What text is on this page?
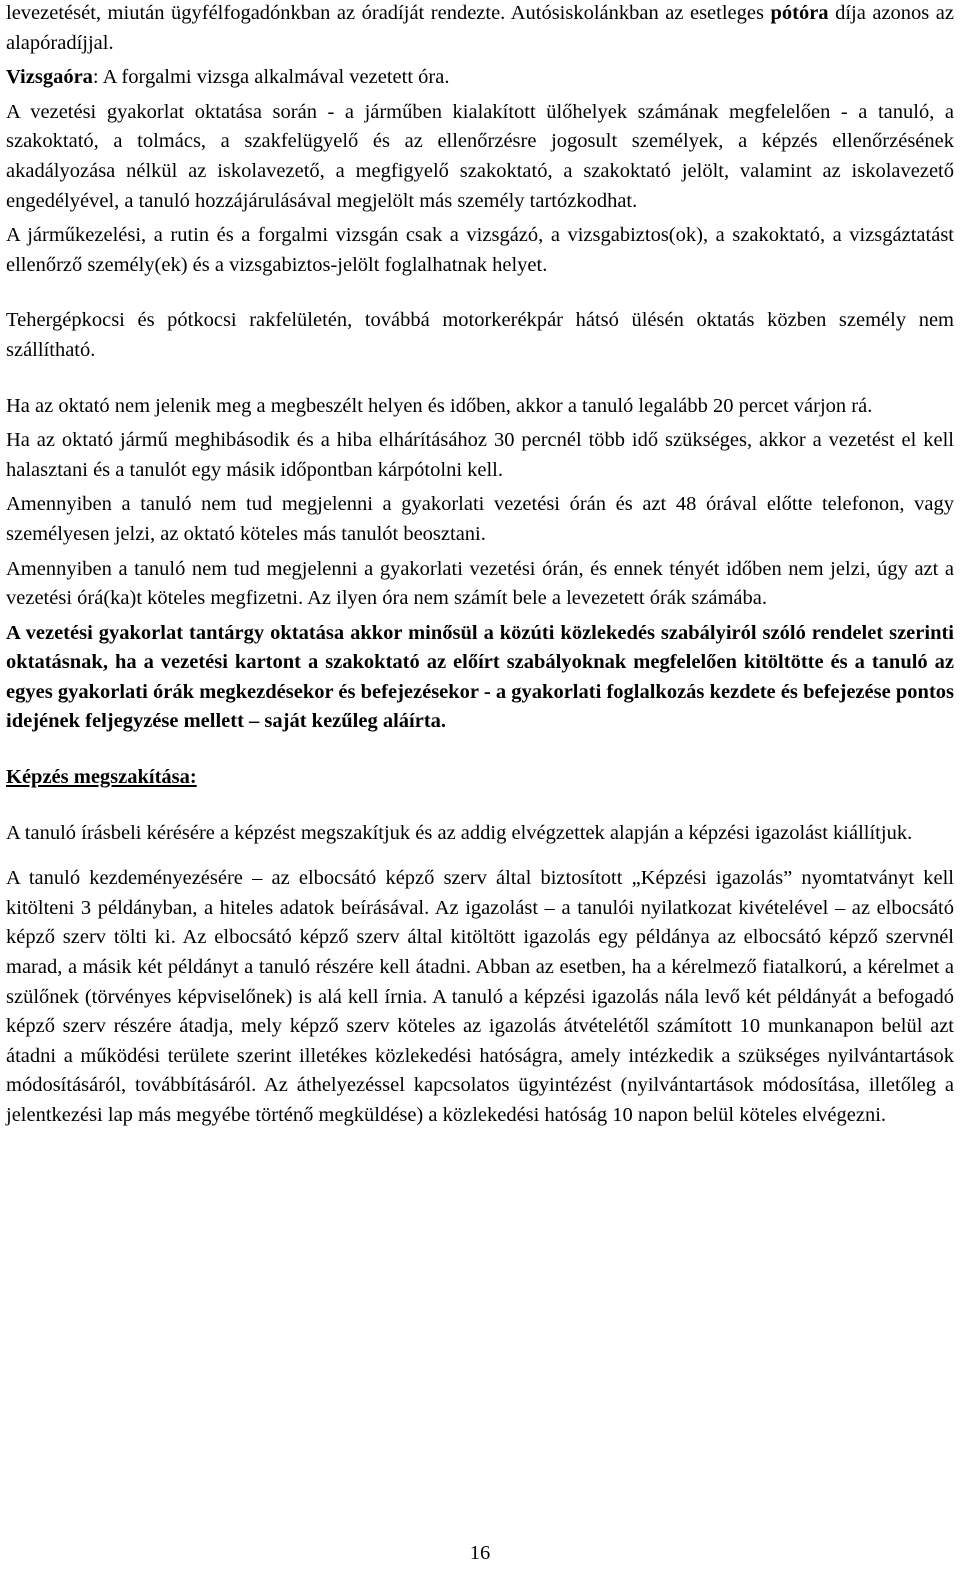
levezetését, miután ügyfélfogadónkban az óradíját rendezte. Autósiskolánkban az esetleges pótóra díja azonos az alapóradíjjal.

Vizsgaóra: A forgalmi vizsga alkalmával vezetett óra.

A vezetési gyakorlat oktatása során - a járműben kialakított ülőhelyek számának megfelelően - a tanuló, a szakoktató, a tolmács, a szakfelügyelő és az ellenőrzésre jogosult személyek, a képzés ellenőrzésének akadályozása nélkül az iskolavezető, a megfigyelő szakoktató, a szakoktató jelölt, valamint az iskolavezető engedélyével, a tanuló hozzájárulásával megjelölt más személy tartózkodhat.

A járműkezelési, a rutin és a forgalmi vizsgán csak a vizsgázó, a vizsgabiztos(ok), a szakoktató, a vizsgáztatást ellenőrző személy(ek) és a vizsgabiztos-jelölt foglalhatnak helyet.

Tehergépkocsi és pótkocsi rakfelületén, továbbá motorkerékpár hátsó ülésén oktatás közben személy nem szállítható.

Ha az oktató nem jelenik meg a megbeszélt helyen és időben, akkor a tanuló legalább 20 percet várjon rá.

Ha az oktató jármű meghibásodik és a hiba elhárításához 30 percnél több idő szükséges, akkor a vezetést el kell halasztani és a tanulót egy másik időpontban kárpótolni kell.

Amennyiben a tanuló nem tud megjelenni a gyakorlati vezetési órán és azt 48 órával előtte telefonon, vagy személyesen jelzi, az oktató köteles más tanulót beosztani.

Amennyiben a tanuló nem tud megjelenni a gyakorlati vezetési órán, és ennek tényét időben nem jelzi, úgy azt a vezetési órá(ka)t köteles megfizetni. Az ilyen óra nem számít bele a levezetett órák számába.

A vezetési gyakorlat tantárgy oktatása akkor minősül a közúti közlekedés szabályiról szóló rendelet szerinti oktatásnak, ha a vezetési kartont a szakoktató az előírt szabályoknak megfelelően kitöltötte és a tanuló az egyes gyakorlati órák megkezdésekor és befejezésekor - a gyakorlati foglalkozás kezdete és befejezése pontos idejének feljegyzése mellett – saját kezűleg aláírta.

Képzés megszakítása:

A tanuló írásbeli kérésére a képzést megszakítjuk és az addig elvégzettek alapján a képzési igazolást kiállítjuk.

A tanuló kezdeményezésére – az elbocsátó képző szerv által biztosított „Képzési igazolás” nyomtatványt kell kitölteni 3 példányban, a hiteles adatok beírásával. Az igazolást – a tanulói nyilatkozat kivételével – az elbocsátó képző szerv tölti ki. Az elbocsátó képző szerv által kitöltött igazolás egy példánya az elbocsátó képző szervnél marad, a másik két példányt a tanuló részére kell átadni. Abban az esetben, ha a kérelmező fiatalkorú, a kérelmet a szülőnek (törvényes képviselőnek) is alá kell írnia. A tanuló a képzési igazolás nála levő két példányát a befogadó képző szerv részére átadja, mely képző szerv köteles az igazolás átvételétől számított 10 munkanapon belül azt átadni a működési területe szerint illetékes közlekedési hatóságra, amely intézkedik a szükséges nyilvántartások módosításáról, továbbításáról. Az áthelyezéssel kapcsolatos ügyintézést (nyilvántartások módosítása, illetőleg a jelentkezési lap más megyébe történő megküldése) a közlekedési hatóság 10 napon belül köteles elvégezni.

16
